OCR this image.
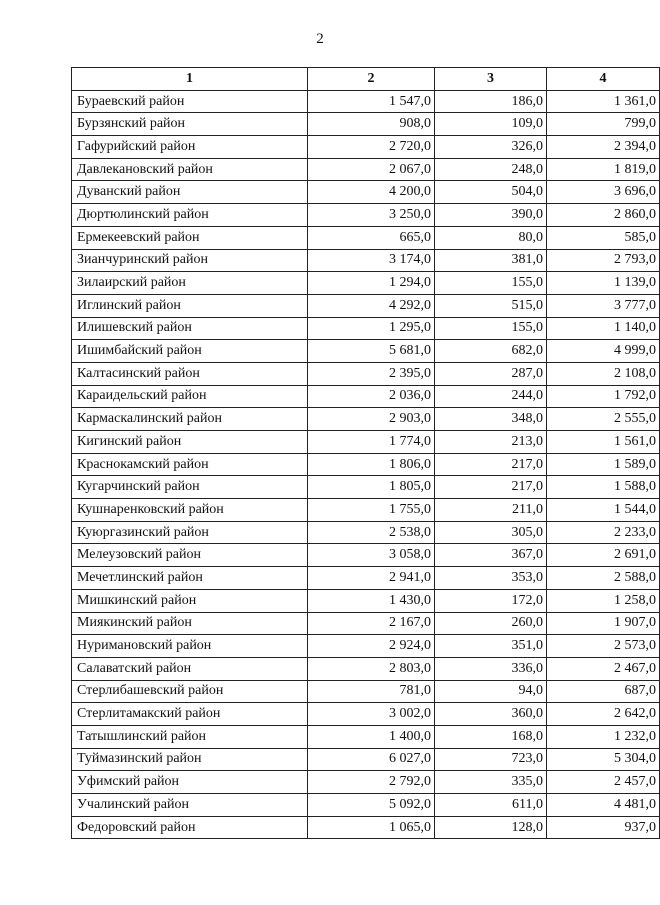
2
1	2	3	4
Бураевский район	1 547,0	186,0	1 361,0
Бурзянский район	908,0	109,0	799,0
Гафурийский район	2 720,0	326,0	2 394,0
Давлекановский район	2 067,0	248,0	1 819,0
Дуванский район	4 200,0	504,0	3 696,0
Дюртюлинский район	3 250,0	390,0	2 860,0
Ермекеевский район	665,0	80,0	585,0
Зианчуринский район	3 174,0	381,0	2 793,0
Зилаирский район	1 294,0	155,0	1 139,0
Иглинский район	4 292,0	515,0	3 777,0
Илишевский район	1 295,0	155,0	1 140,0
Ишимбайский район	5 681,0	682,0	4 999,0
Калтасинский район	2 395,0	287,0	2 108,0
Караидельский район	2 036,0	244,0	1 792,0
Кармаскалинский район	2 903,0	348,0	2 555,0
Кигинский район	1 774,0	213,0	1 561,0
Краснокамский район	1 806,0	217,0	1 589,0
Кугарчинский район	1 805,0	217,0	1 588,0
Кушнаренковский район	1 755,0	211,0	1 544,0
Куюргазинский район	2 538,0	305,0	2 233,0
Мелеузовский район	3 058,0	367,0	2 691,0
Мечетлинский район	2 941,0	353,0	2 588,0
Мишкинский район	1 430,0	172,0	1 258,0
Миякинский район	2 167,0	260,0	1 907,0
Нуримановский район	2 924,0	351,0	2 573,0
Салаватский район	2 803,0	336,0	2 467,0
Стерлибашевский район	781,0	94,0	687,0
Стерлитамакский район	3 002,0	360,0	2 642,0
Татышлинский район	1 400,0	168,0	1 232,0
Туймазинский район	6 027,0	723,0	5 304,0
Уфимский район	2 792,0	335,0	2 457,0
Учалинский район	5 092,0	611,0	4 481,0
Федоровский район	1 065,0	128,0	937,0
